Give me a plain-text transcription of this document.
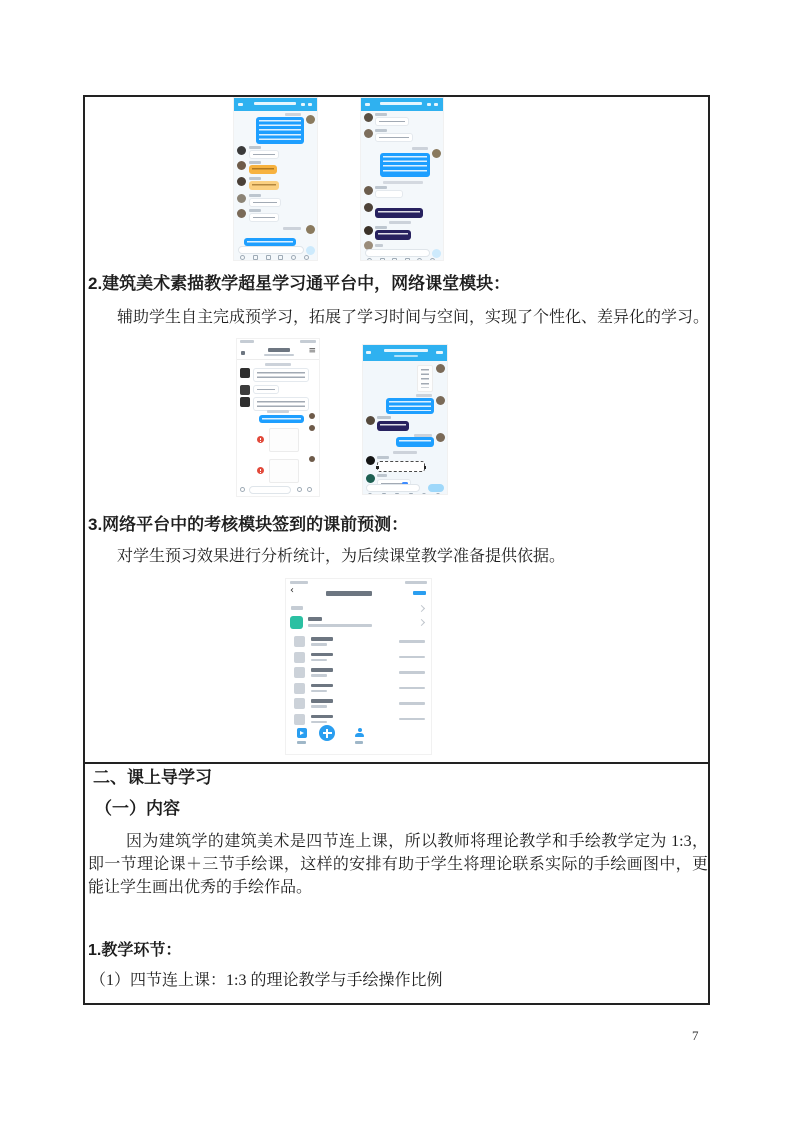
2.建筑美术素描教学超星学习通平台中，网络课堂模块：
辅助学生自主完成预学习，拓展了学习时间与空间，实现了个性化、差异化的学习。
≡
3.网络平台中的考核模块签到的课前预测：
对学生预习效果进行分析统计，为后续课堂教学准备提供依据。
‹
二、课上导学习
（一）内容
因为建筑学的建筑美术是四节连上课，所以教师将理论教学和手绘教学定为 1:3，即一节理论课＋三节手绘课，这样的安排有助于学生将理论联系实际的手绘画图中，更能让学生画出优秀的手绘作品。
1.教学环节：
（1）四节连上课：1:3 的理论教学与手绘操作比例
7
